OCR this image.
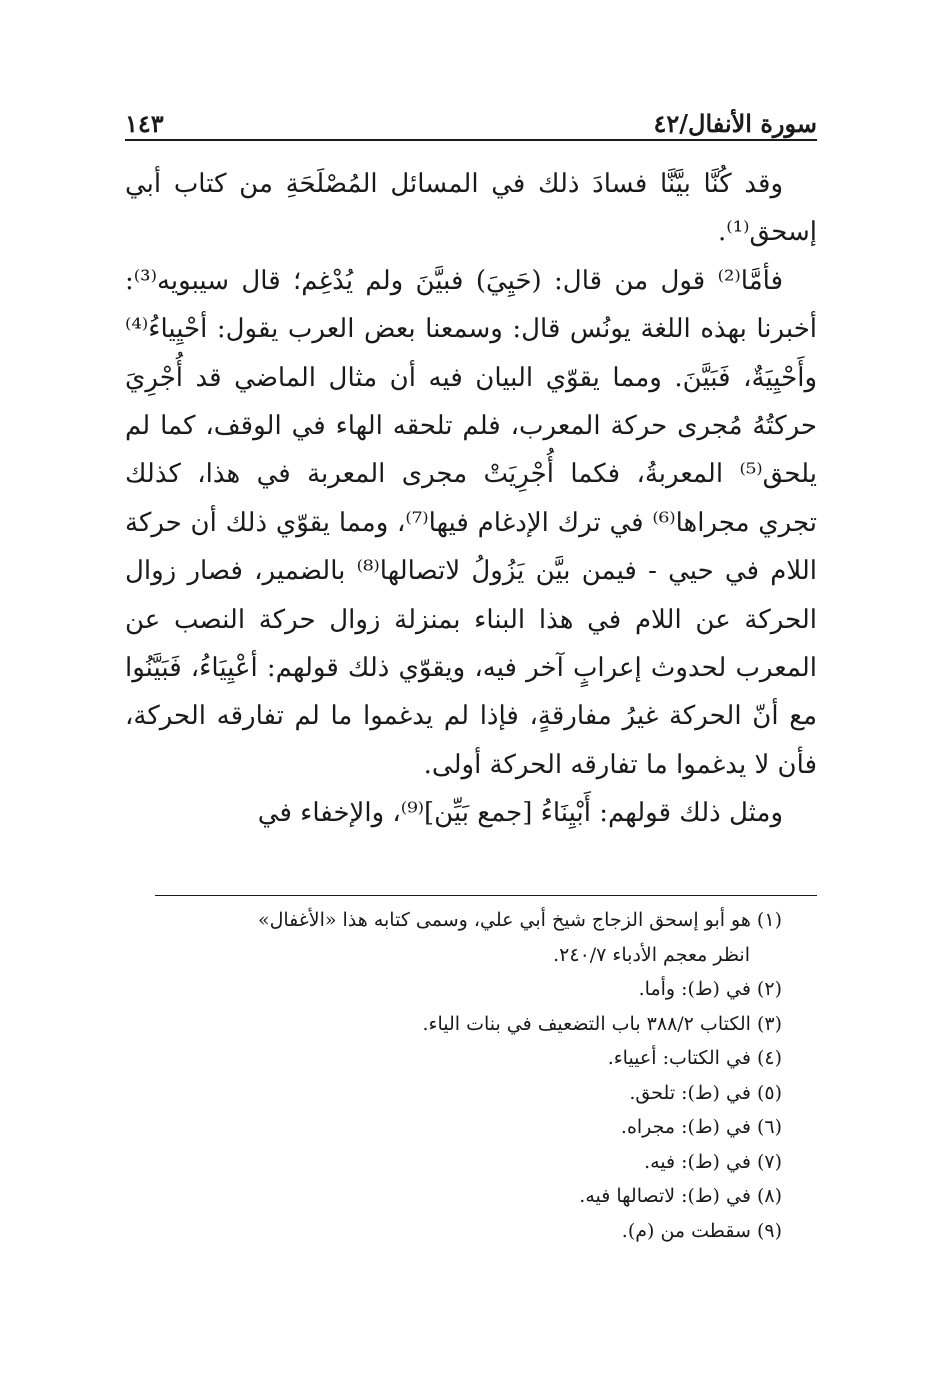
سورة الأنفال/٤٢
١٤٣

وقد كُنَّا بيَّنَّا فسادَ ذلك في المسائل المُصْلَحَةِ من كتاب أبي إسحق⁽¹⁾.

فأمَّا⁽²⁾ قول من قال: (حَيِيَ) فبيَّنَ ولم يُدْغِم؛ قال سيبويه⁽³⁾: أخبرنا بهذه اللغة يونُس قال: وسمعنا بعض العرب يقول: أحْيِياءُ⁽⁴⁾ وأَحْيِيَةٌ، فَبَيَّنَ. ومما يقوّي البيان فيه أن مثال الماضي قد أُجْرِيَ حركتُهُ مُجرى حركة المعرب، فلم تلحقه الهاء في الوقف، كما لم يلحق⁽⁵⁾ المعربةُ، فكما أُجْرِيَتْ مجرى المعربة في هذا، كذلك تجري مجراها⁽⁶⁾ في ترك الإدغام فيها⁽⁷⁾، ومما يقوّي ذلك أن حركة اللام في حيي - فيمن بيَّن يَزُولُ لاتصالها⁽⁸⁾ بالضمير، فصار زوال الحركة عن اللام في هذا البناء بمنزلة زوال حركة النصب عن المعرب لحدوث إعرابٍ آخر فيه، ويقوّي ذلك قولهم: أعْيِيَاءُ، فَبَيَّنُوا مع أنّ الحركة غيرُ مفارقةٍ، فإذا لم يدغموا ما لم تفارقه الحركة، فأن لا يدغموا ما تفارقه الحركة أولى.

ومثل ذلك قولهم: أَبْيِنَاءُ [جمع بَيِّن]⁽⁹⁾، والإخفاء في

(١) هو أبو إسحق الزجاج شيخ أبي علي، وسمى كتابه هذا «الأغفال»

انظر معجم الأدباء ٢٤٠/٧.

(٢) في (ط): وأما.

(٣) الكتاب ٣٨٨/٢ باب التضعيف في بنات الياء.

(٤) في الكتاب: أعيياء.

(٥) في (ط): تلحق.

(٦) في (ط): مجراه.

(٧) في (ط): فيه.

(٨) في (ط): لاتصالها فيه.

(٩) سقطت من (م).
